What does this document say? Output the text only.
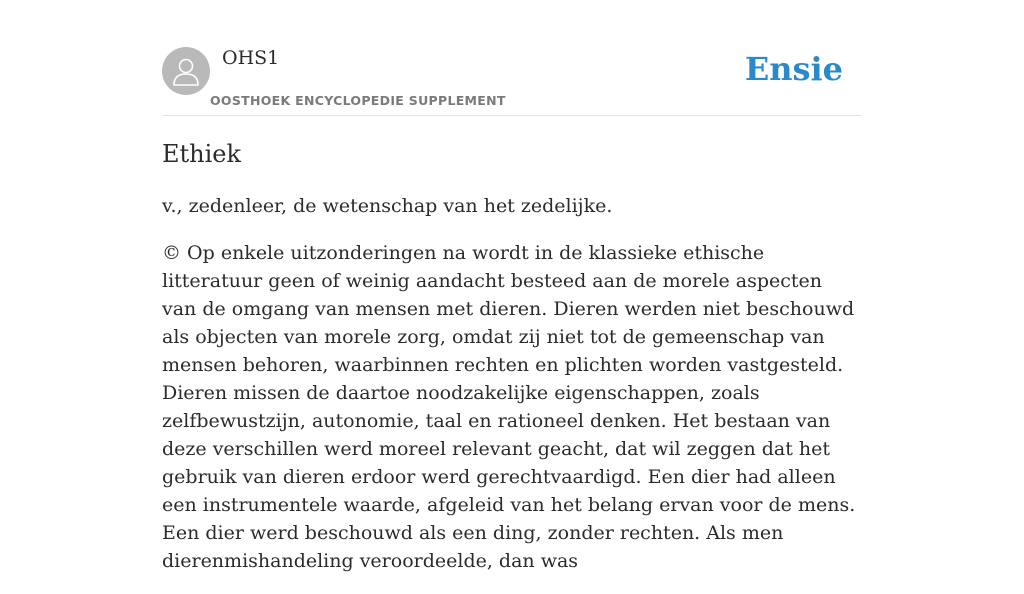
OHS1
OOSTHOEK ENCYCLOPEDIE SUPPLEMENT
Ensie
Ethiek

v., zedenleer, de wetenschap van het zedelijke.

© Op enkele uitzonderingen na wordt in de klassieke ethische litteratuur geen of weinig aandacht besteed aan de morele aspecten van de omgang van mensen met dieren. Dieren werden niet beschouwd als objecten van morele zorg, omdat zij niet tot de gemeenschap van mensen behoren, waarbinnen rechten en plichten worden vastgesteld. Dieren missen de daartoe noodzakelijke eigenschappen, zoals zelfbewustzijn, autonomie, taal en rationeel denken. Het bestaan van deze verschillen werd moreel relevant geacht, dat wil zeggen dat het gebruik van dieren erdoor werd gerechtvaardigd. Een dier had alleen een instrumentele waarde, afgeleid van het belang ervan voor de mens. Een dier werd beschouwd als een ding, zonder rechten. Als men dierenmishandeling veroordeelde, dan was
